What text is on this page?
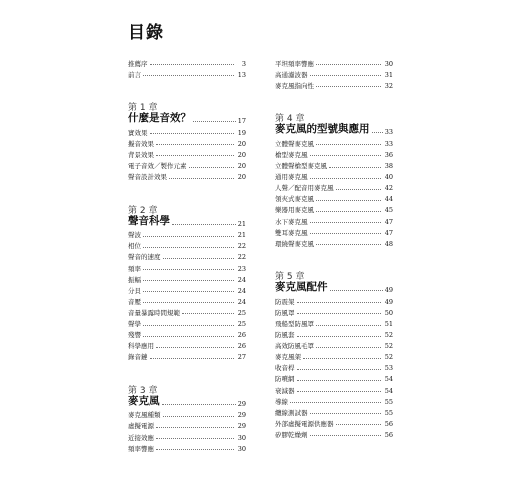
目錄
推薦序	3
前言	13
第 1 章
什麼是音效？	17
實效果	19
擬音效果	20
背景效果	20
電子音效／製作元素	20
聲音設計效果	20
第 2 章
聲音科學	21
聲波	21
相位	22
聲音的速度	22
頻率	23
振幅	24
分貝	24
音壓	24
音量暴露時間規範	25
聲學	25
殘響	26
科學應用	26
錄音鏈	27
第 3 章
麥克風	29
麥克風種類	29
虛擬電源	29
近接效應	30
頻率響應	30
平坦頻率響應	30
高通濾波器	31
麥克風指向性	32
第 4 章
麥克風的型號與應用 33
立體聲麥克風	33
槍型麥克風	36
立體聲槍型麥克風	38
通用麥克風	40
人聲／配音用麥克風	42
領夾式麥克風	44
樂器用麥克風	45
水下麥克風	47
雙耳麥克風	47
環繞聲麥克風	48
第 5 章
麥克風配件	49
防震架	49
防風罩	50
飛船型防風罩	51
防風套	52
高效防風毛罩	52
麥克風架	52
收音桿	53
防噴網	54
衰減器	54
導線	55
纜線測試器	55
外部虛擬電源供應器	56
矽膠乾燥劑	56
